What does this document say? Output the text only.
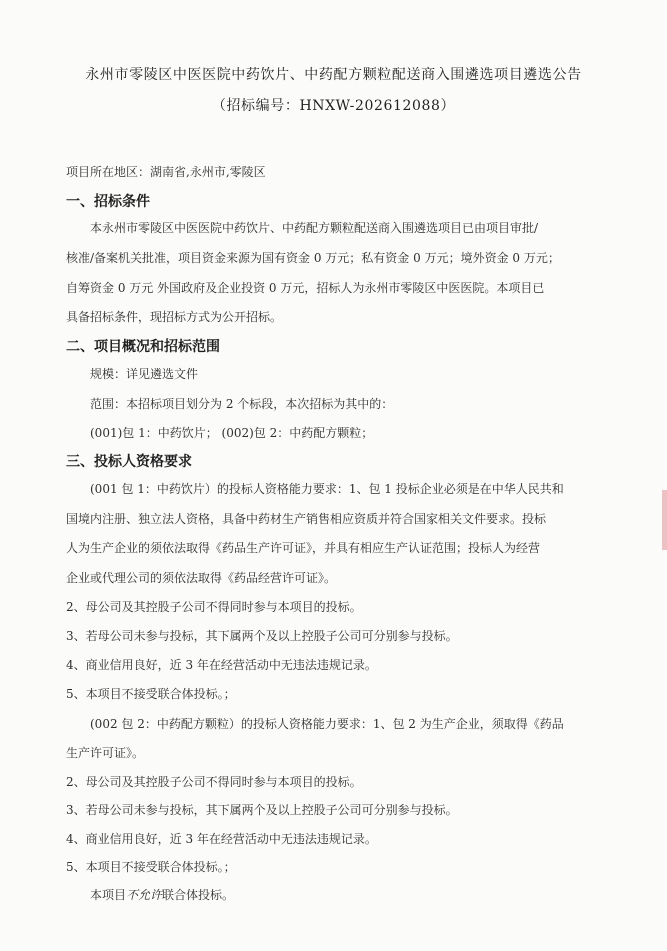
永州市零陵区中医医院中药饮片、中药配方颗粒配送商入围遴选项目遴选公告
（招标编号：HNXW-202612088）
项目所在地区：湖南省,永州市,零陵区
一、招标条件
本永州市零陵区中医医院中药饮片、中药配方颗粒配送商入围遴选项目已由项目审批/
核准/备案机关批准，项目资金来源为国有资金 0 万元；私有资金 0 万元；境外资金 0 万元；
自筹资金 0 万元 外国政府及企业投资 0 万元，招标人为永州市零陵区中医医院。本项目已
具备招标条件，现招标方式为公开招标。
二、项目概况和招标范围
规模：详见遴选文件
范围：本招标项目划分为 2 个标段，本次招标为其中的：
(001)包 1：中药饮片； (002)包 2：中药配方颗粒；
三、投标人资格要求
(001 包 1：中药饮片）的投标人资格能力要求：1、包 1 投标企业必须是在中华人民共和
国境内注册、独立法人资格，具备中药材生产销售相应资质并符合国家相关文件要求。投标
人为生产企业的须依法取得《药品生产许可证》，并具有相应生产认证范围；投标人为经营
企业或代理公司的须依法取得《药品经营许可证》。
2、母公司及其控股子公司不得同时参与本项目的投标。
3、若母公司未参与投标，其下属两个及以上控股子公司可分别参与投标。
4、商业信用良好，近 3 年在经营活动中无违法违规记录。
5、本项目不接受联合体投标。；
(002 包 2：中药配方颗粒）的投标人资格能力要求：1、包 2 为生产企业，须取得《药品
生产许可证》。
2、母公司及其控股子公司不得同时参与本项目的投标。
3、若母公司未参与投标，其下属两个及以上控股子公司可分别参与投标。
4、商业信用良好，近 3 年在经营活动中无违法违规记录。
5、本项目不接受联合体投标。；
本项目不允许联合体投标。
